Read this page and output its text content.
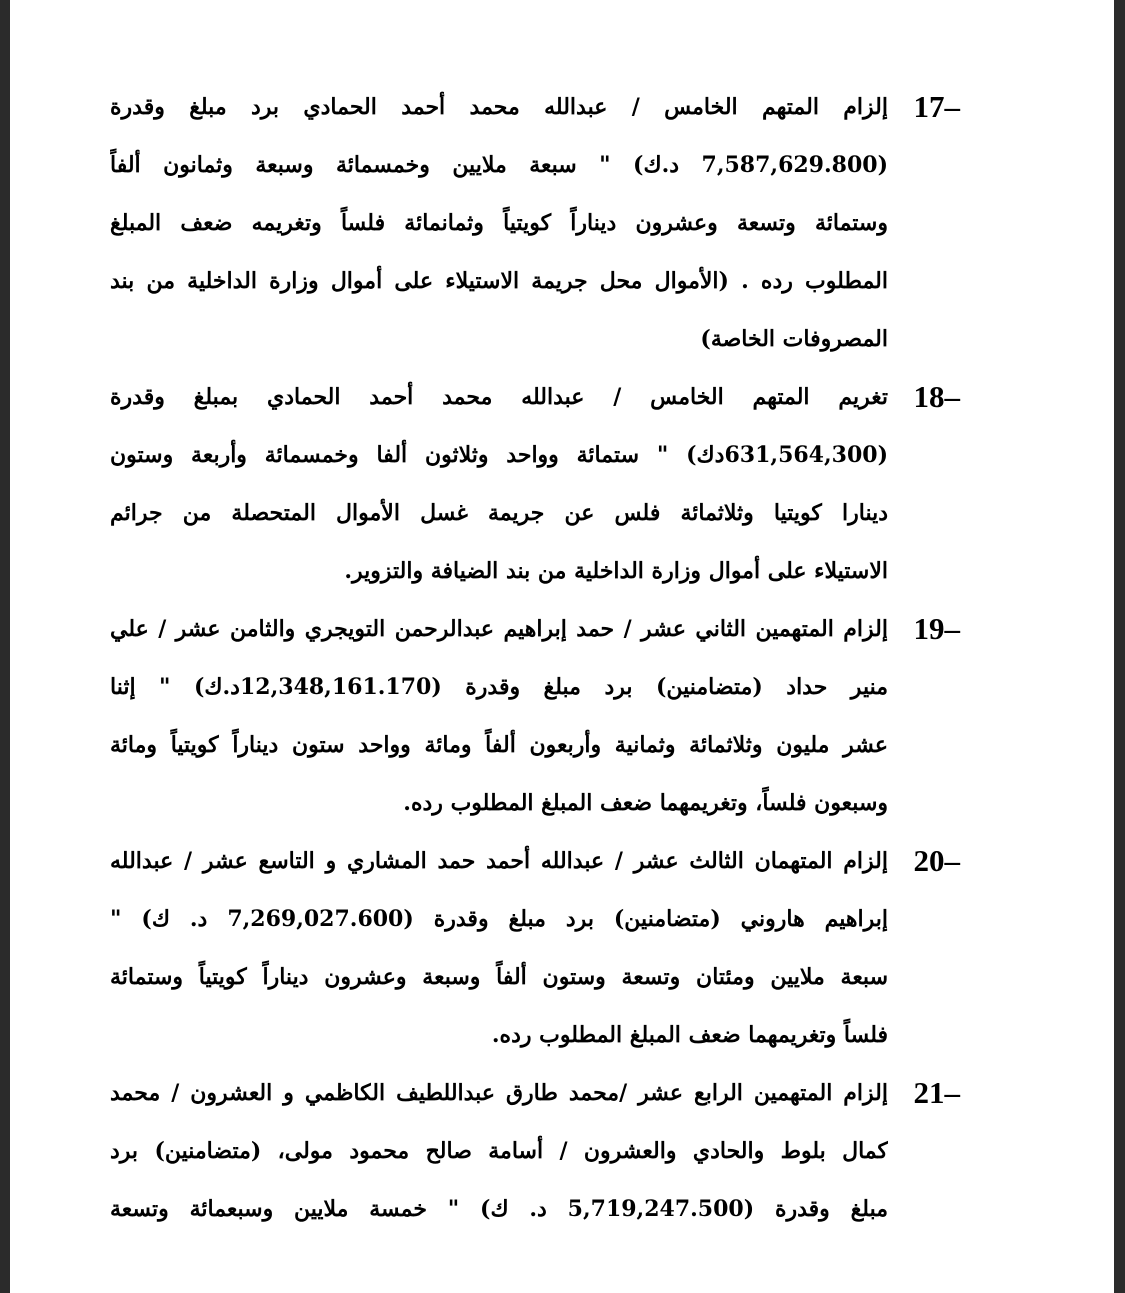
17–
إلزام المتهم الخامس / عبدالله محمد أحمد الحمادي برد مبلغ وقدرة
(7,587,629.800 د.ك) " سبعة ملايين وخمسمائة وسبعة وثمانون ألفاً
وستمائة وتسعة وعشرون ديناراً كويتياً وثمانمائة فلساً وتغريمه ضعف المبلغ
المطلوب رده . (الأموال محل جريمة الاستيلاء على أموال وزارة الداخلية من بند
المصروفات الخاصة)
18–
تغريم المتهم الخامس / عبدالله محمد أحمد الحمادي بمبلغ وقدرة
(631,564,300دك) " ستمائة وواحد وثلاثون ألفا وخمسمائة وأربعة وستون
دينارا كويتيا وثلاثمائة فلس عن جريمة غسل الأموال المتحصلة من جرائم
الاستيلاء على أموال وزارة الداخلية من بند الضيافة والتزوير.
19–
إلزام المتهمين الثاني عشر / حمد إبراهيم عبدالرحمن التويجري والثامن عشر / علي
منير حداد (متضامنين) برد مبلغ وقدرة (12,348,161.170د.ك) " إثنا
عشر مليون وثلاثمائة وثمانية وأربعون ألفاً ومائة وواحد ستون ديناراً كويتياً ومائة
وسبعون فلساً، وتغريمهما ضعف المبلغ المطلوب رده.
20–
إلزام المتهمان الثالث عشر / عبدالله أحمد حمد المشاري و التاسع عشر / عبدالله
إبراهيم هاروني (متضامنين) برد مبلغ وقدرة (7,269,027.600 د. ك) "
سبعة ملايين ومئتان وتسعة وستون ألفاً وسبعة وعشرون ديناراً كويتياً وستمائة
فلساً وتغريمهما ضعف المبلغ المطلوب رده.
21–
إلزام المتهمين الرابع عشر /محمد طارق عبداللطيف الكاظمي و العشرون / محمد
كمال بلوط والحادي والعشرون / أسامة صالح محمود مولى، (متضامنين) برد
مبلغ وقدرة (5,719,247.500 د. ك) " خمسة ملايين وسبعمائة وتسعة
